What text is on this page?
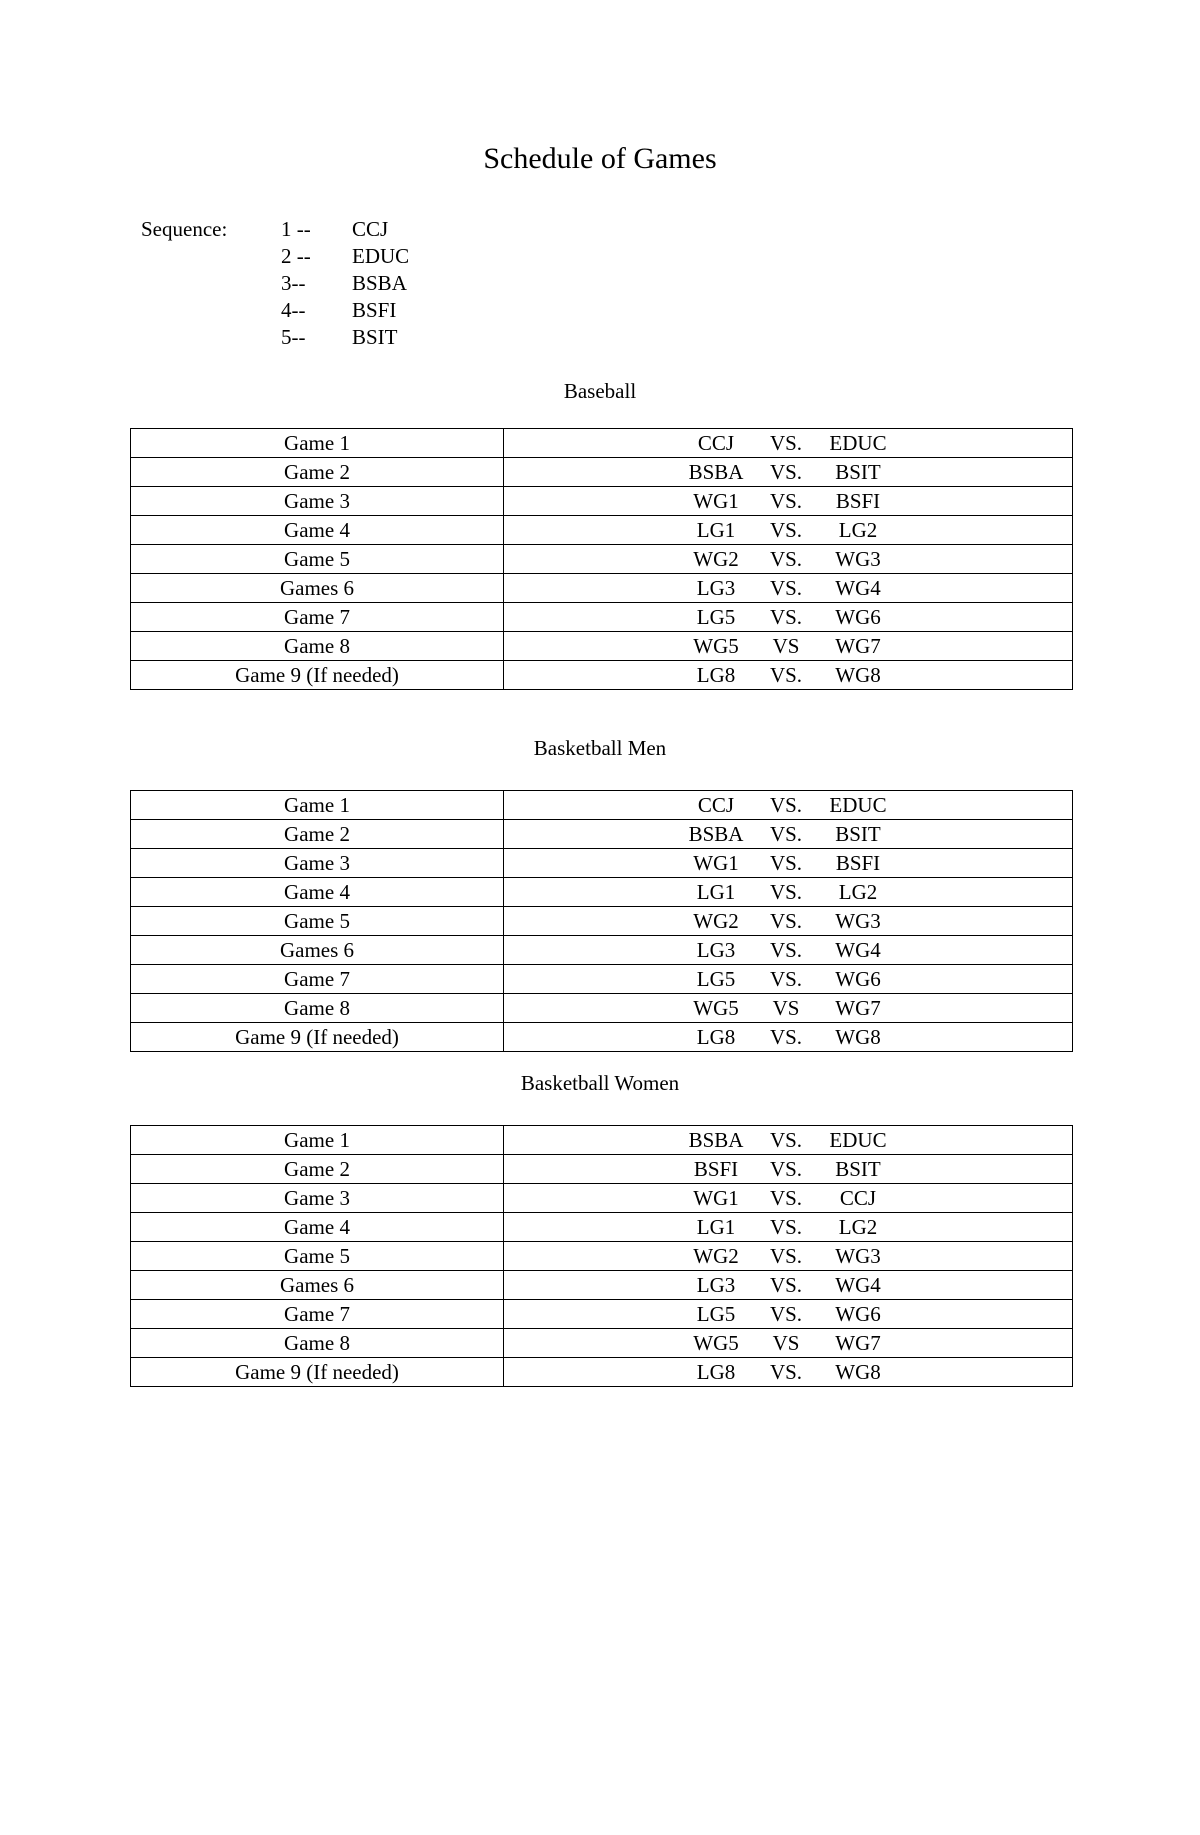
Schedule of Games
Sequence:	1 -- CCJ
2 -- EDUC
3-- BSBA
4-- BSFI
5-- BSIT
Baseball
Game 1	CCJ VS. EDUC
Game 2	BSBA VS. BSIT
Game 3	WG1 VS. BSFI
Game 4	LG1 VS. LG2
Game 5	WG2 VS. WG3
Games 6	LG3 VS. WG4
Game 7	LG5 VS. WG6
Game 8	WG5 VS WG7
Game 9 (If needed)	LG8 VS. WG8
Basketball Men
Game 1	CCJ VS. EDUC
Game 2	BSBA VS. BSIT
Game 3	WG1 VS. BSFI
Game 4	LG1 VS. LG2
Game 5	WG2 VS. WG3
Games 6	LG3 VS. WG4
Game 7	LG5 VS. WG6
Game 8	WG5 VS WG7
Game 9 (If needed)	LG8 VS. WG8
Basketball Women
Game 1	BSBA VS. EDUC
Game 2	BSFI VS. BSIT
Game 3	WG1 VS. CCJ
Game 4	LG1 VS. LG2
Game 5	WG2 VS. WG3
Games 6	LG3 VS. WG4
Game 7	LG5 VS. WG6
Game 8	WG5 VS WG7
Game 9 (If needed)	LG8 VS. WG8
